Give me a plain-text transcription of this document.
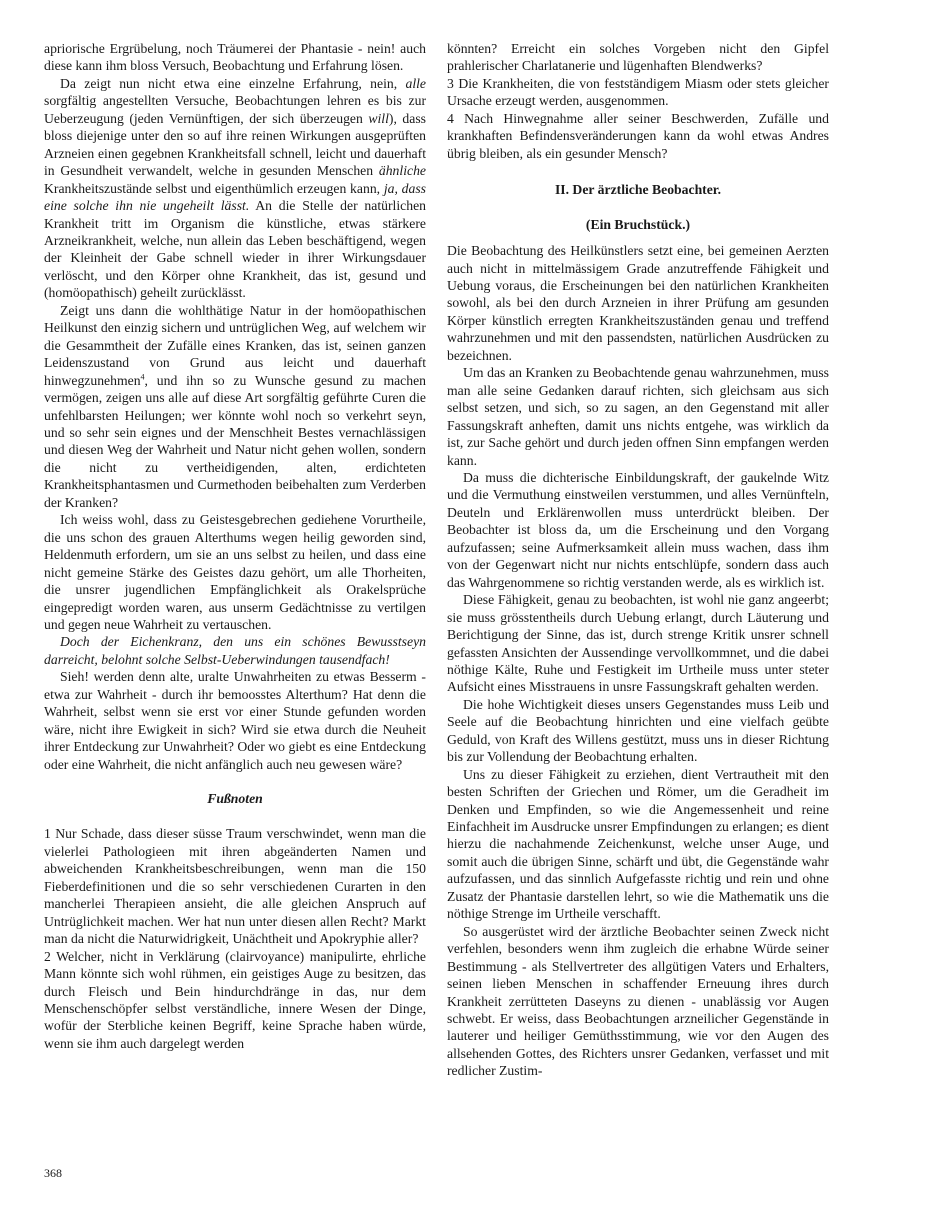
apriorische Ergrübelung, noch Träumerei der Phantasie - nein! auch diese kann ihm bloss Versuch, Beobachtung und Erfahrung lösen.

Da zeigt nun nicht etwa eine einzelne Erfahrung, nein, alle sorgfältig angestellten Versuche, Beobachtungen lehren es bis zur Ueberzeugung (jeden Vernünftigen, der sich überzeugen will), dass bloss diejenige unter den so auf ihre reinen Wirkungen ausgeprüften Arzneien einen gegebnen Krankheitsfall schnell, leicht und dauerhaft in Gesundheit verwandelt, welche in gesunden Menschen ähnliche Krankheitszustände selbst und eigenthümlich erzeugen kann, ja, dass eine solche ihn nie ungeheilt lässt. An die Stelle der natürlichen Krankheit tritt im Organism die künstliche, etwas stärkere Arzneikrankheit, welche, nun allein das Leben beschäftigend, wegen der Kleinheit der Gabe schnell wieder in ihrer Wirkungsdauer verlöscht, und den Körper ohne Krankheit, das ist, gesund und (homöopathisch) geheilt zurücklässt.

Zeigt uns dann die wohlthätige Natur in der homöopathischen Heilkunst den einzig sichern und untrüglichen Weg, auf welchem wir die Gesammtheit der Zufälle eines Kranken, das ist, seinen ganzen Leidenszustand von Grund aus leicht und dauerhaft hinwegzunehmen$^4$, und ihn so zu Wunsche gesund zu machen vermögen, zeigen uns alle auf diese Art sorgfältig geführte Curen die unfehlbarsten Heilungen; wer könnte wohl noch so verkehrt seyn, und so sehr sein eignes und der Menschheit Bestes vernachlässigen und diesen Weg der Wahrheit und Natur nicht gehen wollen, sondern die nicht zu vertheidigenden, alten, erdichteten Krankheitsphantasmen und Curmethoden beibehalten zum Verderben der Kranken?

Ich weiss wohl, dass zu Geistesgebrechen gediehene Vorurtheile, die uns schon des grauen Alterthums wegen heilig geworden sind, Heldenmuth erfordern, um sie an uns selbst zu heilen, und dass eine nicht gemeine Stärke des Geistes dazu gehört, um alle Thorheiten, die unsrer jugendlichen Empfänglichkeit als Orakelsprüche eingepredigt worden waren, aus unserm Gedächtnisse zu vertilgen und gegen neue Wahrheit zu vertauschen.

Doch der Eichenkranz, den uns ein schönes Bewusstseyn darreicht, belohnt solche Selbst-Ueberwindungen tausendfach!

Sieh! werden denn alte, uralte Unwahrheiten zu etwas Besserm - etwa zur Wahrheit - durch ihr bemoosstes Alterthum? Hat denn die Wahrheit, selbst wenn sie erst vor einer Stunde gefunden worden wäre, nicht ihre Ewigkeit in sich? Wird sie etwa durch die Neuheit ihrer Entdeckung zur Unwahrheit? Oder wo giebt es eine Entdeckung oder eine Wahrheit, die nicht anfänglich auch neu gewesen wäre?

Fußnoten

1 Nur Schade, dass dieser süsse Traum verschwindet, wenn man die vielerlei Pathologieen mit ihren abgeänderten Namen und abweichenden Krankheitsbeschreibungen, wenn man die 150 Fieberdefinitionen und die so sehr verschiedenen Curarten in den mancherlei Therapieen ansieht, die alle gleichen Anspruch auf Untrüglichkeit machen. Wer hat nun unter diesen allen Recht? Markt man da nicht die Naturwidrigkeit, Unächtheit und Apokryphie aller?

2 Welcher, nicht in Verklärung (clairvoyance) manipulirte, ehrliche Mann könnte sich wohl rühmen, ein geistiges Auge zu besitzen, das durch Fleisch und Bein hindurchdränge in das, nur dem Menschenschöpfer selbst verständliche, innere Wesen der Dinge, wofür der Sterbliche keinen Begriff, keine Sprache haben würde, wenn sie ihm auch dargelegt werden

könnten? Erreicht ein solches Vorgeben nicht den Gipfel prahlerischer Charlatanerie und lügenhaften Blendwerks?

3 Die Krankheiten, die von festständigem Miasm oder stets gleicher Ursache erzeugt werden, ausgenommen.

4 Nach Hinwegnahme aller seiner Beschwerden, Zufälle und krankhaften Befindensveränderungen kann da wohl etwas Andres übrig bleiben, als ein gesunder Mensch?

II. Der ärztliche Beobachter.

(Ein Bruchstück.)

Die Beobachtung des Heilkünstlers setzt eine, bei gemeinen Aerzten auch nicht in mittelmässigem Grade anzutreffende Fähigkeit und Uebung voraus, die Erscheinungen bei den natürlichen Krankheiten sowohl, als bei den durch Arzneien in ihrer Prüfung am gesunden Körper künstlich erregten Krankheitszuständen genau und treffend wahrzunehmen und mit den passendsten, natürlichen Ausdrücken zu bezeichnen.

Um das an Kranken zu Beobachtende genau wahrzunehmen, muss man alle seine Gedanken darauf richten, sich gleichsam aus sich selbst setzen, und sich, so zu sagen, an den Gegenstand mit aller Fassungskraft anheften, damit uns nichts entgehe, was wirklich da ist, zur Sache gehört und durch jeden offnen Sinn empfangen werden kann.

Da muss die dichterische Einbildungskraft, der gaukelnde Witz und die Vermuthung einstweilen verstummen, und alles Vernünfteln, Deuteln und Erklärenwollen muss unterdrückt bleiben. Der Beobachter ist bloss da, um die Erscheinung und den Vorgang aufzufassen; seine Aufmerksamkeit allein muss wachen, dass ihm von der Gegenwart nicht nur nichts entschlüpfe, sondern dass auch das Wahrgenommene so richtig verstanden werde, als es wirklich ist.

Diese Fähigkeit, genau zu beobachten, ist wohl nie ganz angeerbt; sie muss grösstentheils durch Uebung erlangt, durch Läuterung und Berichtigung der Sinne, das ist, durch strenge Kritik unsrer schnell gefassten Ansichten der Aussendinge vervollkommnet, und die dabei nöthige Kälte, Ruhe und Festigkeit im Urtheile muss unter steter Aufsicht eines Misstrauens in unsre Fassungskraft gehalten werden.

Die hohe Wichtigkeit dieses unsers Gegenstandes muss Leib und Seele auf die Beobachtung hinrichten und eine vielfach geübte Geduld, von Kraft des Willens gestützt, muss uns in dieser Richtung bis zur Vollendung der Beobachtung erhalten.

Uns zu dieser Fähigkeit zu erziehen, dient Vertrautheit mit den besten Schriften der Griechen und Römer, um die Geradheit im Denken und Empfinden, so wie die Angemessenheit und reine Einfachheit im Ausdrucke unsrer Empfindungen zu erlangen; es dient hierzu die nachahmende Zeichenkunst, welche unser Auge, und somit auch die übrigen Sinne, schärft und übt, die Gegenstände wahr aufzufassen, und das sinnlich Aufgefasste richtig und rein und ohne Zusatz der Phantasie darstellen lehrt, so wie die Mathematik uns die nöthige Strenge im Urtheile verschafft.

So ausgerüstet wird der ärztliche Beobachter seinen Zweck nicht verfehlen, besonders wenn ihm zugleich die erhabne Würde seiner Bestimmung - als Stellvertreter des allgütigen Vaters und Erhalters, seinen lieben Menschen in schaffender Erneuung ihres durch Krankheit zerrütteten Daseyns zu dienen - unablässig vor Augen schwebt. Er weiss, dass Beobachtungen arzneilicher Gegenstände in lauterer und heiliger Gemüthsstimmung, wie vor den Augen des allsehenden Gottes, des Richters unsrer Gedanken, verfasset und mit redlicher Zustim-

368
